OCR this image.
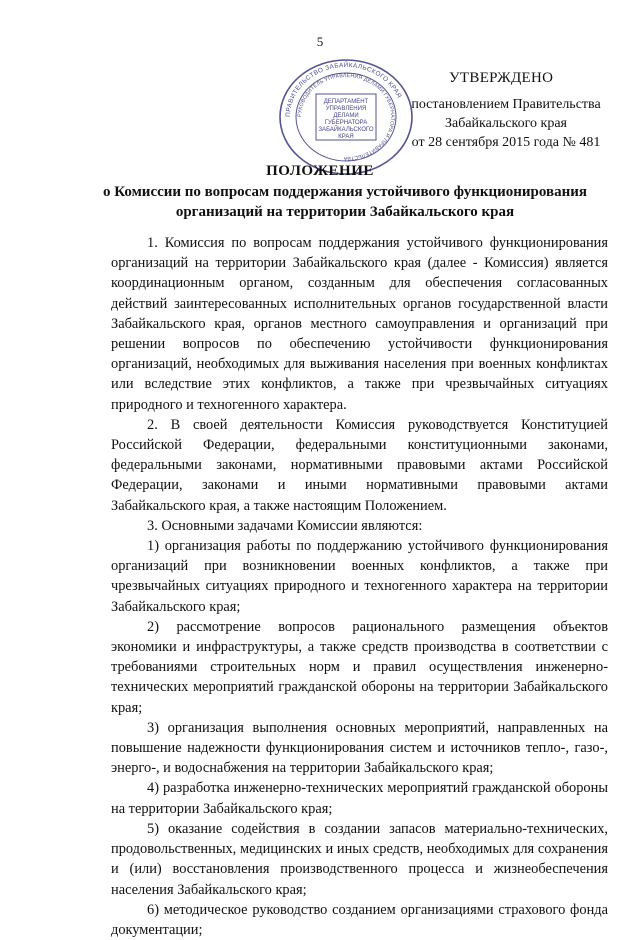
5
УТВЕРЖДЕНО
постановлением Правительства
Забайкальского края
от 28 сентября 2015 года № 481
ПРАВИТЕЛЬСТВО ЗАБАЙКАЛЬСКОГО КРАЯ
РУКОВОДИТЕЛЬ УПРАВЛЕНИЯ ДЕЛАМИ ГУБЕРНАТОРА И ПРАВИТЕЛЬСТВА
ДЕПАРТАМЕНТ
УПРАВЛЕНИЯ
ДЕЛАМИ
ГУБЕРНАТОРА
ЗАБАЙКАЛЬСКОГО
КРАЯ
ПОЛОЖЕНИЕ
о Комиссии по вопросам поддержания устойчивого функционирования организаций на территории Забайкальского края

1. Комиссия по вопросам поддержания устойчивого функционирования организаций на территории Забайкальского края (далее - Комиссия) является координационным органом, созданным для обеспечения согласованных действий заинтересованных исполнительных органов государственной власти Забайкальского края, органов местного самоуправления и организаций при решении вопросов по обеспечению устойчивости функционирования организаций, необходимых для выживания населения при военных конфликтах или вследствие этих конфликтов, а также при чрезвычайных ситуациях природного и техногенного характера.

2. В своей деятельности Комиссия руководствуется Конституцией Российской Федерации, федеральными конституционными законами, федеральными законами, нормативными правовыми актами Российской Федерации, законами и иными нормативными правовыми актами Забайкальского края, а также настоящим Положением.

3. Основными задачами Комиссии являются:

1) организация работы по поддержанию устойчивого функционирования организаций при возникновении военных конфликтов, а также при чрезвычайных ситуациях природного и техногенного характера на территории Забайкальского края;

2) рассмотрение вопросов рационального размещения объектов экономики и инфраструктуры, а также средств производства в соответствии с требованиями строительных норм и правил осуществления инженерно-технических мероприятий гражданской обороны на территории Забайкальского края;

3) организация выполнения основных мероприятий, направленных на повышение надежности функционирования систем и источников тепло-, газо-, энерго-, и водоснабжения на территории Забайкальского края;

4) разработка инженерно-технических мероприятий гражданской обороны на территории Забайкальского края;

5) оказание содействия в создании запасов материально-технических, продовольственных, медицинских и иных средств, необходимых для сохранения и (или) восстановления производственного процесса и жизнеобеспечения населения Забайкальского края;

6) методическое руководство созданием организациями страхового фонда документации;
